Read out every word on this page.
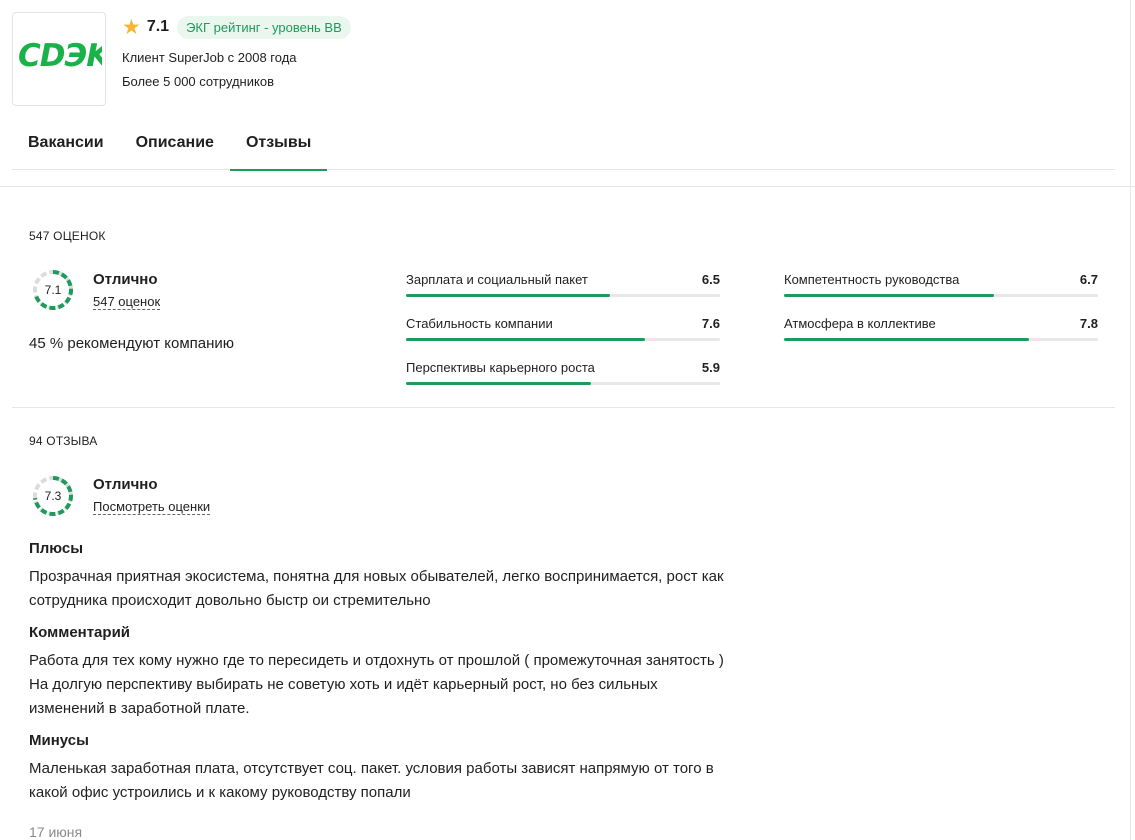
СDЭK
★ 7.1	ЭКГ рейтинг - уровень ВВ
Клиент SuperJob с 2008 года
Более 5 000 сотрудников
Вакансии	Описание	Отзывы
547 ОЦЕНОК
7.1
Отлично
547 оценок
45 % рекомендуют компанию
Зарплата и социальный пакет	6.5
Стабильность компании	7.6
Перспективы карьерного роста	5.9
Компетентность руководства	6.7
Атмосфера в коллективе	7.8
94 ОТЗЫВА
7.3
Отлично
Посмотреть оценки
Плюсы
Прозрачная приятная экосистема, понятна для новых обывателей, легко воспринимается, рост как сотрудника происходит довольно быстр ои стремительно
Комментарий
Работа для тех кому нужно где то пересидеть и отдохнуть от прошлой ( промежуточная занятость ) На долгую перспективу выбирать не советую хоть и идёт карьерный рост, но без сильных изменений в заработной плате.
Минусы
Маленькая заработная плата, отсутствует соц. пакет. условия работы зависят напрямую от того в какой офис устроились и к какому руководству попали
17 июня
